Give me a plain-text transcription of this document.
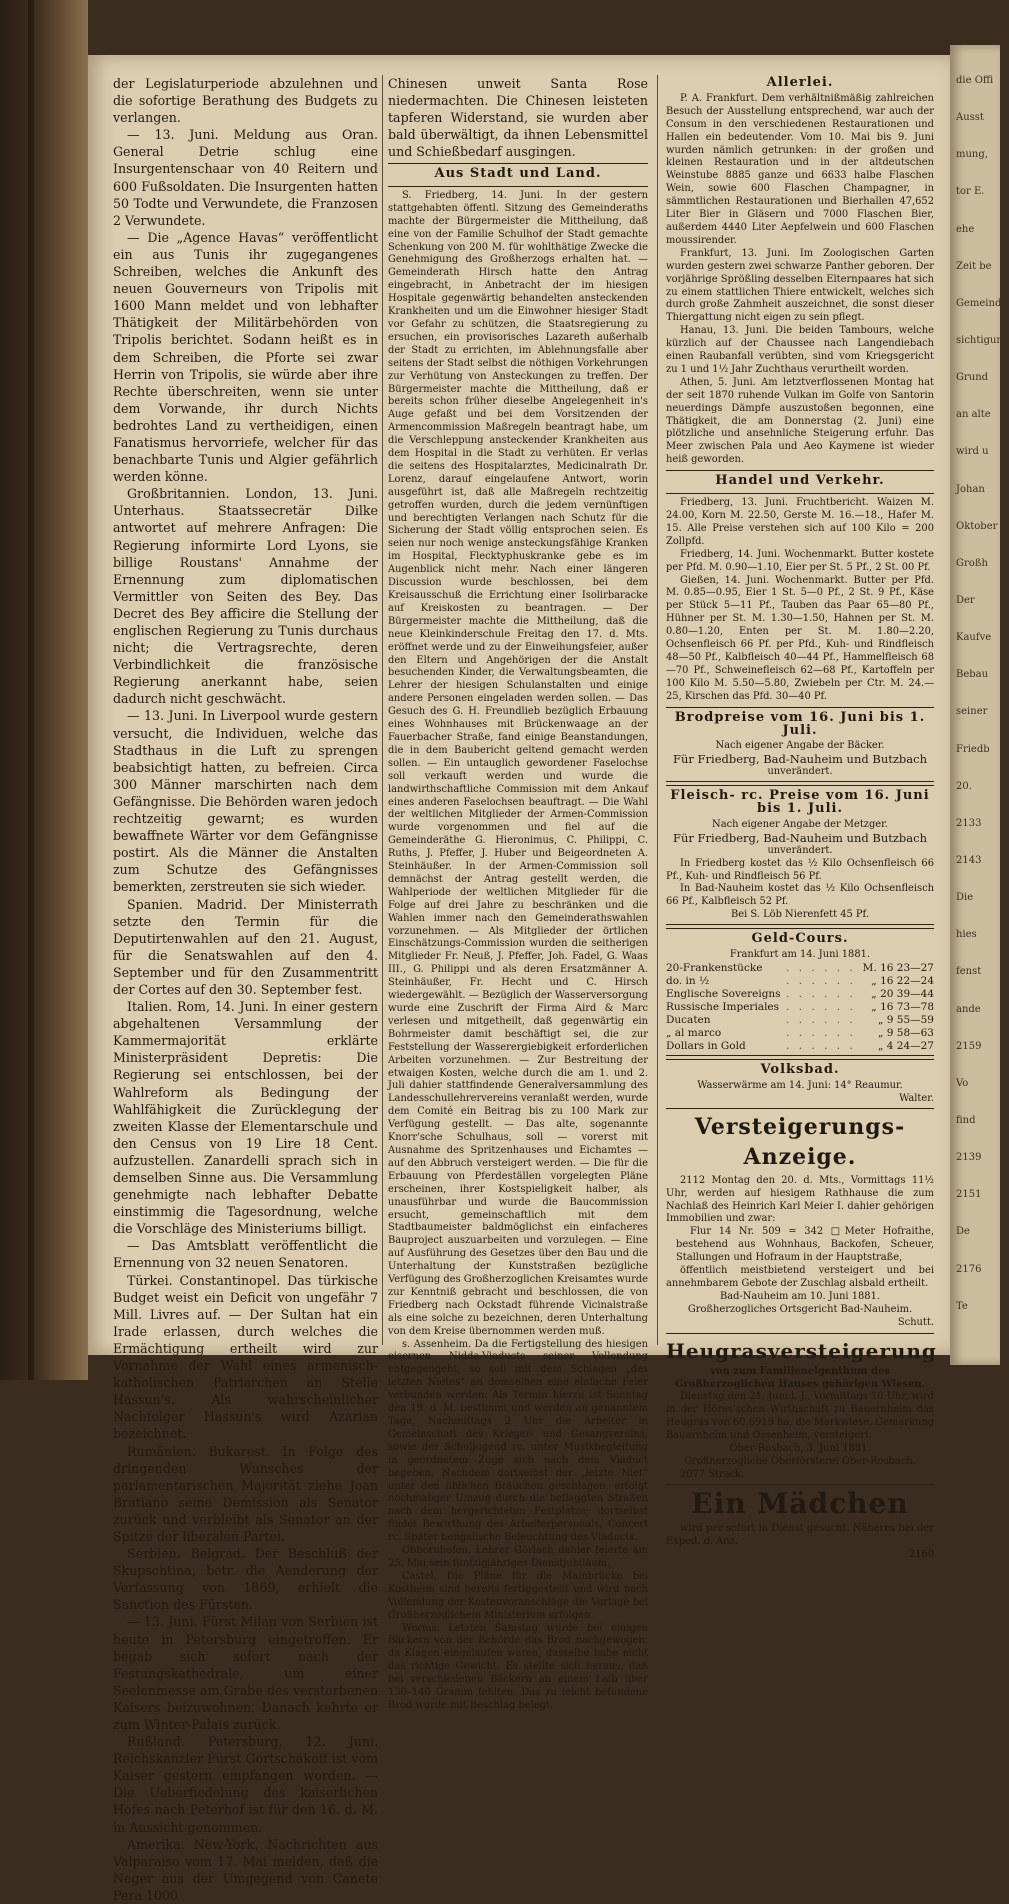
der Legislaturperiode abzulehnen und die sofortige Berathung des Budgets zu verlangen.

— 13. Juni. Meldung aus Oran. General Detrie schlug eine Insurgentenschaar von 40 Reitern und 600 Fußsoldaten. Die Insurgenten hatten 50 Todte und Verwundete, die Franzosen 2 Verwundete.

— Die „Agence Havas“ veröffentlicht ein aus Tunis ihr zugegangenes Schreiben, welches die Ankunft des neuen Gouverneurs von Tripolis mit 1600 Mann meldet und von lebhafter Thätigkeit der Militärbehörden von Tripolis berichtet. Sodann heißt es in dem Schreiben, die Pforte sei zwar Herrin von Tripolis, sie würde aber ihre Rechte überschreiten, wenn sie unter dem Vorwande, ihr durch Nichts bedrohtes Land zu vertheidigen, einen Fanatismus hervorriefe, welcher für das benachbarte Tunis und Algier gefährlich werden könne.

Großbritannien. London, 13. Juni. Unterhaus. Staatssecretär Dilke antwortet auf mehrere Anfragen: Die Regierung informirte Lord Lyons, sie billige Roustans' Annahme der Ernennung zum diplomatischen Vermittler von Seiten des Bey. Das Decret des Bey afficire die Stellung der englischen Regierung zu Tunis durchaus nicht; die Vertragsrechte, deren Verbindlichkeit die französische Regierung anerkannt habe, seien dadurch nicht geschwächt.

— 13. Juni. In Liverpool wurde gestern versucht, die Individuen, welche das Stadthaus in die Luft zu sprengen beabsichtigt hatten, zu befreien. Circa 300 Männer marschirten nach dem Gefängnisse. Die Behörden waren jedoch rechtzeitig gewarnt; es wurden bewaffnete Wärter vor dem Gefängnisse postirt. Als die Männer die Anstalten zum Schutze des Gefängnisses bemerkten, zerstreuten sie sich wieder.

Spanien. Madrid. Der Ministerrath setzte den Termin für die Deputirtenwahlen auf den 21. August, für die Senatswahlen auf den 4. September und für den Zusammentritt der Cortes auf den 30. September fest.

Italien. Rom, 14. Juni. In einer gestern abgehaltenen Versammlung der Kammermajorität erklärte Ministerpräsident Depretis: Die Regierung sei entschlossen, bei der Wahlreform als Bedingung der Wahlfähigkeit die Zurücklegung der zweiten Klasse der Elementarschule und den Census von 19 Lire 18 Cent. aufzustellen. Zanardelli sprach sich in demselben Sinne aus. Die Versammlung genehmigte nach lebhafter Debatte einstimmig die Tagesordnung, welche die Vorschläge des Ministeriums billigt.

— Das Amtsblatt veröffentlicht die Ernennung von 32 neuen Senatoren.

Türkei. Constantinopel. Das türkische Budget weist ein Deficit von ungefähr 7 Mill. Livres auf. — Der Sultan hat ein Irade erlassen, durch welches die Ermächtigung ertheilt wird zur Vornahme der Wahl eines armenisch-katholischen Patriarchen an Stelle Hassun's. Als wahrscheinlicher Nachfolger Hassun's wird Azarian bezeichnet.

Rumänien. Bukarest. In Folge des dringenden Wunsches der parlamentarischen Majorität ziehe Joan Bratiano seine Demission als Senator zurück und verbleibt als Senator an der Spitze der liberalen Partei.

Serbien. Belgrad. Der Beschluß der Skupschtina, betr. die Aenderung der Verfassung von 1869, erhielt die Sanction des Fürsten.

— 13. Juni. Fürst Milan von Serbien ist heute in Petersburg eingetroffen. Er begab sich sofort nach der Festungskathedrale, um einer Seelenmesse am Grabe des verstorbenen Kaisers beizuwohnen. Danach kehrte er zum Winter-Palais zurück.

Rußland. Petersburg, 12. Juni. Reichskanzler Fürst Gortschakoff ist vom Kaiser gestern empfangen worden. — Die Ueberfiedelung des kaiserlichen Hofes nach Peterhof ist für den 16. d. M. in Aussicht genommen.

Amerika. New-York. Nachrichten aus Valparaiso vom 17. Mai melden, daß die Neger aus der Umgegend von Canete Pera 1000

Chinesen unweit Santa Rose niedermachten. Die Chinesen leisteten tapferen Widerstand, sie wurden aber bald überwältigt, da ihnen Lebensmittel und Schießbedarf ausgingen.

Aus Stadt und Land.

S. Friedberg, 14. Juni. In der gestern stattgehabten öffentl. Sitzung des Gemeinderaths machte der Bürgermeister die Mittheilung, daß eine von der Familie Schulhof der Stadt gemachte Schenkung von 200 M. für wohlthätige Zwecke die Genehmigung des Großherzogs erhalten hat. — Gemeinderath Hirsch hatte den Antrag eingebracht, in Anbetracht der im hiesigen Hospitale gegenwärtig behandelten ansteckenden Krankheiten und um die Einwohner hiesiger Stadt vor Gefahr zu schützen, die Staatsregierung zu ersuchen, ein provisorisches Lazareth außerhalb der Stadt zu errichten, im Ablehnungsfalle aber seitens der Stadt selbst die nöthigen Vorkehrungen zur Verhütung von Ansteckungen zu treffen. Der Bürgermeister machte die Mittheilung, daß er bereits schon früher dieselbe Angelegenheit in's Auge gefaßt und bei dem Vorsitzenden der Armencommission Maßregeln beantragt habe, um die Verschleppung ansteckender Krankheiten aus dem Hospital in die Stadt zu verhüten. Er verlas die seitens des Hospitalarztes, Medicinalrath Dr. Lorenz, darauf eingelaufene Antwort, worin ausgeführt ist, daß alle Maßregeln rechtzeitig getroffen wurden, durch die jedem vernünftigen und berechtigten Verlangen nach Schutz für die Sicherung der Stadt völlig entsprochen seien. Es seien nur noch wenige ansteckungsfähige Kranken im Hospital, Flecktyphuskranke gebe es im Augenblick nicht mehr. Nach einer längeren Discussion wurde beschlossen, bei dem Kreisausschuß die Errichtung einer Isolirbaracke auf Kreiskosten zu beantragen. — Der Bürgermeister machte die Mittheilung, daß die neue Kleinkinderschule Freitag den 17. d. Mts. eröffnet werde und zu der Einweihungsfeier, außer den Eltern und Angehörigen der die Anstalt besuchenden Kinder, die Verwaltungsbeamten, die Lehrer der hiesigen Schulanstalten und einige andere Personen eingeladen werden sollen. — Das Gesuch des G. H. Freundlieb bezüglich Erbauung eines Wohnhauses mit Brückenwaage an der Fauerbacher Straße, fand einige Beanstandungen, die in dem Baubericht geltend gemacht werden sollen. — Ein untauglich gewordener Faselochse soll verkauft werden und wurde die landwirthschaftliche Commission mit dem Ankauf eines anderen Faselochsen beauftragt. — Die Wahl der weltlichen Mitglieder der Armen-Commission wurde vorgenommen und fiel auf die Gemeinderäthe G. Hieronimus, C. Philippi, C. Ruths, J. Pfeffer, J. Huber und Beigeordneten A. Steinhäußer. In der Armen-Commission soll demnächst der Antrag gestellt werden, die Wahlperiode der weltlichen Mitglieder für die Folge auf drei Jahre zu beschränken und die Wahlen immer nach den Gemeinderathswahlen vorzunehmen. — Als Mitglieder der örtlichen Einschätzungs-Commission wurden die seitherigen Mitglieder Fr. Neuß, J. Pfeffer, Joh. Fadel, G. Waas III., G. Philippi und als deren Ersatzmänner A. Steinhäußer, Fr. Hecht und C. Hirsch wiedergewählt. — Bezüglich der Wasserversorgung wurde eine Zuschrift der Firma Aird & Marc verlesen und mitgetheilt, daß gegenwärtig ein Bohrmeister damit beschäftigt sei, die zur Feststellung der Wasserergiebigkeit erforderlichen Arbeiten vorzunehmen. — Zur Bestreitung der etwaigen Kosten, welche durch die am 1. und 2. Juli dahier stattfindende Generalversammlung des Landesschullehrervereins veranlaßt werden, wurde dem Comité ein Beitrag bis zu 100 Mark zur Verfügung gestellt. — Das alte, sogenannte Knorr'sche Schulhaus, soll — vorerst mit Ausnahme des Spritzenhauses und Eichamtes — auf den Abbruch versteigert werden. — Die für die Erbauung von Pferdeställen vorgelegten Pläne erscheinen, ihrer Kostspieligkeit halber, als unausführbar und wurde die Baucommission ersucht, gemeinschaftlich mit dem Stadtbaumeister baldmöglichst ein einfacheres Bauproject auszuarbeiten und vorzulegen. — Eine auf Ausführung des Gesetzes über den Bau und die Unterhaltung der Kunststraßen bezügliche Verfügung des Großherzoglichen Kreisamtes wurde zur Kenntniß gebracht und beschlossen, die von Friedberg nach Ockstadt führende Vicinalstraße als eine solche zu bezeichnen, deren Unterhaltung von dem Kreise übernommen werden muß.

s. Assenheim. Da die Fertigstellung des hiesigen eisernen Nidda-Viaducts seiner Vollendung entgegengeht, so soll mit dem Schlagen „des letzten Nietes“ an demselben eine einfache Feier verbunden werden. Als Termin hierzu ist Sonntag den 19. d. M. bestimmt und werden an genanntem Tage, Nachmittags 2 Uhr die Arbeiter in Gemeinschaft des Krieger- und Gesangvereins, sowie der Schuljugend rc. unter Musikbegleitung in geordnetem Zuge sich nach dem Viaduct begeben. Nachdem dortselbst der „letzte Niet“ unter den üblichen Bräuchen geschlagen, erfolgt nochmaliger Umzug durch die beflaggten Straßen nach dem hergerichteten Festplatze; dortselbst findet Bewirthung des Arbeiterpersonals, Concert rc. Später bengalische Beleuchtung des Viaducts.

Obbornhofen. Lehrer Görlach dahier feierte am 25. Mai sein fünfzigjähriges Dienstjubiläum.

Castel. Die Pläne für die Mainbrücke bei Kostheim sind bereits fertiggestellt und wird nach Vollendung der Kostenvoranschläge die Vorlage bei Großherzoglichem Ministerium erfolgen.

Worms. Letzten Samstag wurde bei einigen Bäckern von der Behörde das Brod nachgewogen, da Klagen eingelaufen waren, dasselbe habe nicht das richtige Gewicht. Es stellte sich heraus, daß bei verschiedenen Bäckern an einem Laib über 130–140 Gramm fehlten. Das zu leicht befundene Brod wurde mit Beschlag belegt.

Allerlei.

P. A. Frankfurt. Dem verhältnißmäßig zahlreichen Besuch der Ausstellung entsprechend, war auch der Consum in den verschiedenen Restaurationen und Hallen ein bedeutender. Vom 10. Mai bis 9. Juni wurden nämlich getrunken: in der großen und kleinen Restauration und in der altdeutschen Weinstube 8885 ganze und 6633 halbe Flaschen Wein, sowie 600 Flaschen Champagner, in sämmtlichen Restaurationen und Bierhallen 47,652 Liter Bier in Gläsern und 7000 Flaschen Bier, außerdem 4440 Liter Aepfelwein und 600 Flaschen moussirender.

Frankfurt, 13. Juni. Im Zoologischen Garten wurden gestern zwei schwarze Panther geboren. Der vorjährige Sprößling desselben Elternpaares hat sich zu einem stattlichen Thiere entwickelt, welches sich durch große Zahmheit auszeichnet, die sonst dieser Thiergattung nicht eigen zu sein pflegt.

Hanau, 13. Juni. Die beiden Tambours, welche kürzlich auf der Chaussee nach Langendiebach einen Raubanfall verübten, sind vom Kriegsgericht zu 1 und 1½ Jahr Zuchthaus verurtheilt worden.

Athen, 5. Juni. Am letztverflossenen Montag hat der seit 1870 ruhende Vulkan im Golfe von Santorin neuerdings Dämpfe auszustoßen begonnen, eine Thätigkeit, die am Donnerstag (2. Juni) eine plötzliche und ansehnliche Steigerung erfuhr. Das Meer zwischen Pala und Aeo Kaymene ist wieder heiß geworden.

Handel und Verkehr.

Friedberg, 13. Juni. Fruchtbericht. Waizen M. 24.00, Korn M. 22.50, Gerste M. 16.—18., Hafer M. 15. Alle Preise verstehen sich auf 100 Kilo = 200 Zollpfd.

Friedberg, 14. Juni. Wochenmarkt. Butter kostete per Pfd. M. 0.90—1.10, Eier per St. 5 Pf., 2 St. 00 Pf.

Gießen, 14. Juni. Wochenmarkt. Butter per Pfd. M. 0.85—0.95, Eier 1 St. 5—0 Pf., 2 St. 9 Pf., Käse per Stück 5—11 Pf., Tauben das Paar 65—80 Pf., Hühner per St. M. 1.30—1.50, Hahnen per St. M. 0.80—1.20, Enten per St. M. 1.80—2.20, Ochsenfleisch 66 Pf. per Pfd., Kuh- und Rindfleisch 48—50 Pf., Kalbfleisch 40—44 Pf., Hammelfleisch 68—70 Pf., Schweinefleisch 62—68 Pf., Kartoffeln per 100 Kilo M. 5.50—5.80, Zwiebeln per Ctr. M. 24.—25, Kirschen das Pfd. 30—40 Pf.

Brodpreise vom 16. Juni bis 1. Juli.
Nach eigener Angabe der Bäcker.
Für Friedberg, Bad-Nauheim und Butzbach
unverändert.
Fleisch- rc. Preise vom 16. Juni bis 1. Juli.
Nach eigener Angabe der Metzger.
Für Friedberg, Bad-Nauheim und Butzbach
unverändert.

In Friedberg kostet das ½ Kilo Ochsenfleisch 66 Pf., Kuh- und Rindfleisch 56 Pf.

In Bad-Nauheim kostet das ½ Kilo Ochsenfleisch 66 Pf., Kalbfleisch 52 Pf.

Bei S. Löb Nierenfett 45 Pf.

Geld-Cours.
Frankfurt am 14. Juni 1881.
20-Frankenstücke	. . . . . .	M. 16 23—27
do. in ½	. . . . . .	„ 16 22—24
Englische Sovereigns	. . . . . .	„ 20 39—44
Russische Imperiales	. . . . . .	„ 16 73—78
Ducaten	. . . . . .	„ 9 55—59
„ al marco	. . . . . .	„ 9 58—63
Dollars in Gold	. . . . . .	„ 4 24—27
Volksbad.
Wasserwärme am 14. Juni: 14° Reaumur.
Walter.
Versteigerungs-Anzeige.

2112 Montag den 20. d. Mts., Vormittags 11½ Uhr, werden auf hiesigem Rathhause die zum Nachlaß des Heinrich Karl Meier I. dahier gehörigen Immobilien und zwar:

Flur 14 Nr. 509 = 342 □Meter Hofraithe, bestehend aus Wohnhaus, Backofen, Scheuer, Stallungen und Hofraum in der Hauptstraße,

öffentlich meistbietend versteigert und bei annehmbarem Gebote der Zuschlag alsbald ertheilt.

Bad-Nauheim am 10. Juni 1881.

Großherzogliches Ortsgericht Bad-Nauheim.

Schutt.

Heugrasversteigerung
von zum Familieneigenthum des Großherzoglichen Hauses gehörigen Wiesen.

Dienstag den 21. Juni l. J., Vormittags 10 Uhr, wird in der Höres'schen Wirthschaft zu Bauernheim das Heugras von 60.6919 ha, die Markwiese, Gemarkung Bauernheim und Ossenheim, versteigert.

Ober-Rosbach, 3. Juni 1881.

Großherzogliche Oberförsterei Ober-Rosbach.

2077 Strack.

Ein Mädchen

wird per sofort in Dienst gesucht. Näheres bei der Exped. d. Anz.

2160

die Offi
Ausst
mung,
tor E.
ehe
Zeit be
Gemeind
sichtigung
Grund
an alte
wird u
Johan
Oktober
Großh
Der
Kaufve
Bebau
seiner
Friedb
20.
2133
2143
Die
hies
fenst
ande
2159
Vo
find
2139
2151
De
2176
Te
